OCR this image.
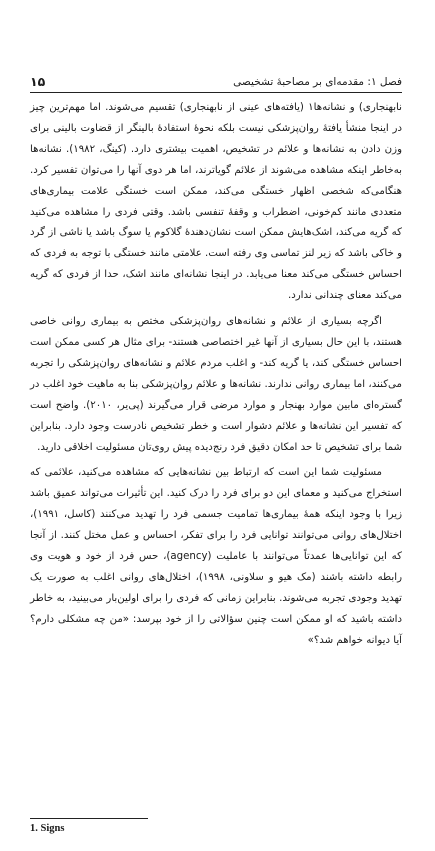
۱۵	فصل ۱: مقدمه‌ای بر مصاحبۀ تشخیصی

نابهنجاری) و نشانه‌ها۱ (یافته‌های عینی از نابهنجاری) تقسیم می‌شوند. اما مهم‌ترین چیز در اینجا منشأ یافتۀ روان‌پزشکی نیست بلکه نحوۀ استفادۀ بالینگر از قضاوت بالینی برای وزن دادن به نشانه‌ها و علائم در تشخیص، اهمیت بیشتری دارد. (کینگ، ۱۹۸۲). نشانه‌ها به‌خاطر اینکه مشاهده می‌شوند از علائم گویاترند، اما هر دوی آنها را می‌توان تفسیر کرد. هنگامی‌که شخصی اظهار خستگی می‌کند، ممکن است خستگی علامت بیماری‌های متعددی مانند کم‌خونی، اضطراب و وقفۀ تنفسی باشد. وقتی فردی را مشاهده می‌کنید که گریه می‌کند، اشک‌هایش ممکن است نشان‌دهندۀ گلاکوم یا سوگ باشد یا ناشی از گرد و خاکی باشد که زیر لنز تماسی وی رفته است. علامتی مانند خستگی با توجه به فردی که احساس خستگی می‌کند معنا می‌یابد. در اینجا نشانه‌ای مانند اشک، حدا از فردی که گریه می‌کند معنای چندانی ندارد.

اگرچه بسیاری از علائم و نشانه‌های روان‌پزشکی مختص به بیماری روانی خاصی هستند، با این حال بسیاری از آنها غیر اختصاصی هستند- برای مثال هر کسی ممکن است احساس خستگی کند، یا گریه کند- و اغلب مردم علائم و نشانه‌های روان‌پزشکی را تجربه می‌کنند، اما بیماری روانی ندارند. نشانه‌ها و علائم روان‌پزشکی بنا به ماهیت خود اغلب در گستره‌ای مابین موارد بهنجار و موارد مرضی قرار می‌گیرند (پی‌یر، ۲۰۱۰). واضح است که تفسیر این نشانه‌ها و علائم دشوار است و خطر تشخیص نادرست وجود دارد. بنابراین شما برای تشخیص تا حد امکان دقیق فرد رنج‌دیده پیش روی‌تان مسئولیت اخلاقی دارید.

مسئولیت شما این است که ارتباط بین نشانه‌هایی که مشاهده می‌کنید، علائمی که استخراج می‌کنید و معمای این دو برای فرد را درک کنید. این تأثیرات می‌تواند عمیق باشد زیرا با وجود اینکه همۀ بیماری‌ها تمامیت جسمی فرد را تهدید می‌کنند (کاسل، ۱۹۹۱)، اختلال‌های روانی می‌توانند توانایی فرد را برای تفکر، احساس و عمل مختل کنند. از آنجا که این توانایی‌ها عمدتاً می‌توانند با عاملیت (agency)، حس فرد از خود و هویت وی رابطه داشته باشند (مک هیو و سلاونی، ۱۹۹۸)، اختلال‌های روانی اغلب به صورت یک تهدید وجودی تجربه می‌شوند. بنابراین زمانی که فردی را برای اولین‌بار می‌بینید، به خاطر داشته باشید که او ممکن است چنین سؤالاتی را از خود بپرسد: «من چه مشکلی دارم؟ آیا دیوانه خواهم شد؟»

1. Signs
